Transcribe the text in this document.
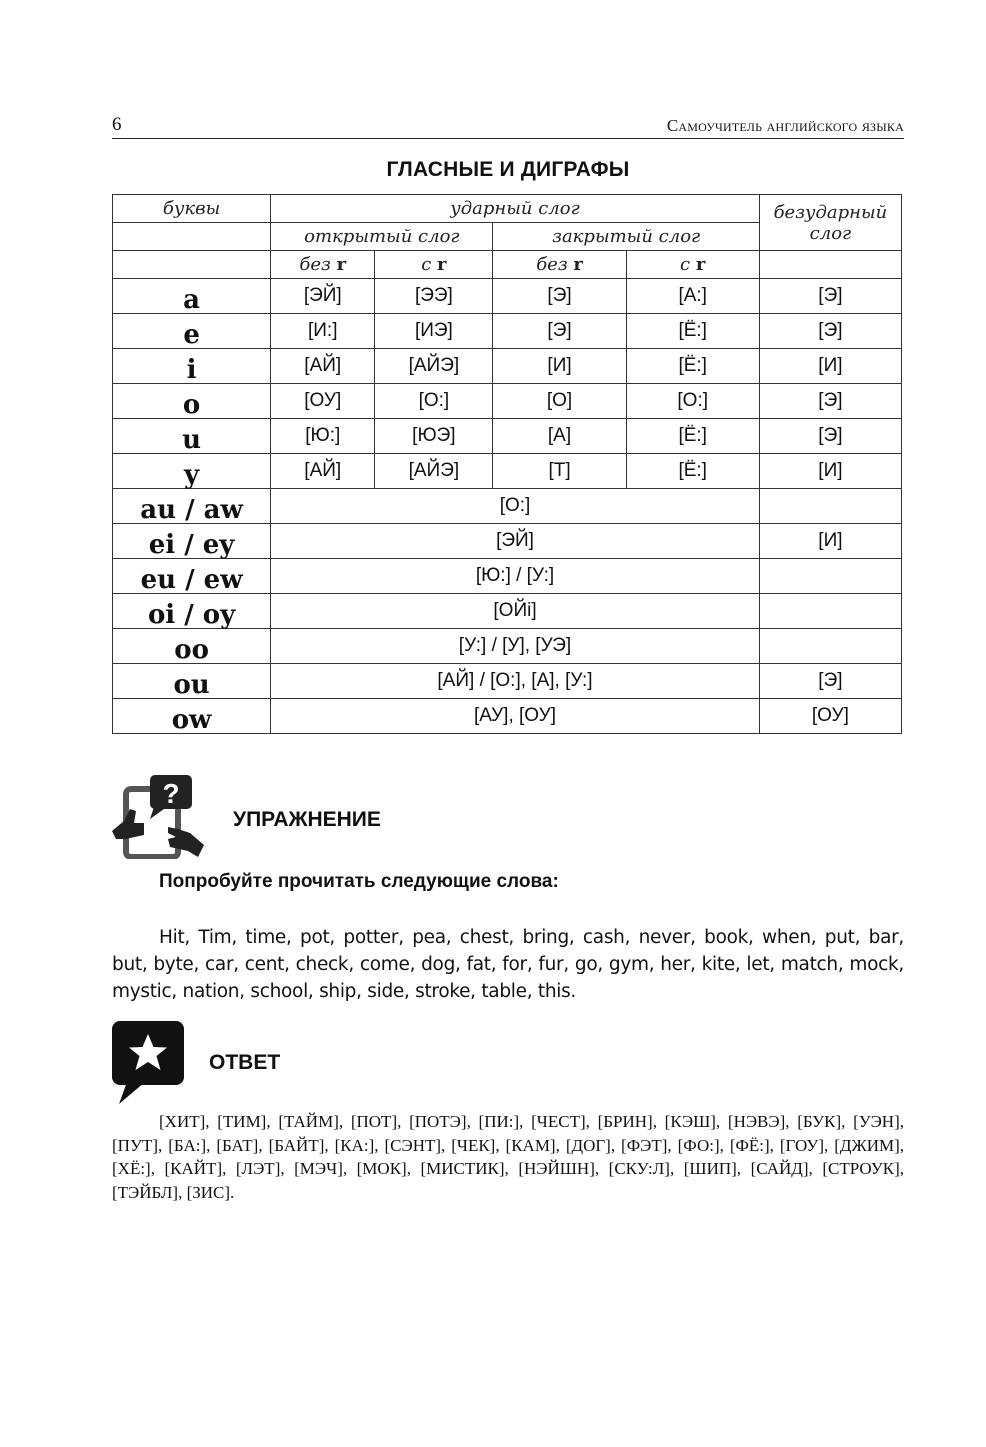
6	Самоучитель английского языка
ГЛАСНЫЕ И ДИГРАФЫ
буквы	ударный слог				безударный слог
	открытый слог		закрытый слог		
	без r	с r	без r	с r	
a	[ЭЙ]	[ЭЭ]	[Э]	[А:]	[Э]
e	[И:]	[ИЭ]	[Э]	[Ё:]	[Э]
i	[АЙ]	[АЙЭ]	[И]	[Ё:]	[И]
o	[ОУ]	[О:]	[О]	[О:]	[Э]
u	[Ю:]	[ЮЭ]	[А]	[Ё:]	[Э]
y	[АЙ]	[АЙЭ]	[Т]	[Ё:]	[И]
au / aw	[О:]				
ei / ey	[ЭЙ]				[И]
eu / ew	[Ю:] / [У:]				
oi / oy	[ОЙi]				
oo	[У:] / [У], [УЭ]				
ou	[АЙ] / [О:], [А], [У:]				[Э]
ow	[АУ], [ОУ]				[ОУ]
?
УПРАЖНЕНИЕ
Попробуйте прочитать следующие слова:
Hit, Tim, time, pot, potter, pea, chest, bring, cash, never, book, when, put, bar, but, byte, car, cent, check, come, dog, fat, for, fur, go, gym, her, kite, let, match, mock, mystic, nation, school, ship, side, stroke, table, this.
ОТВЕТ
[ХИТ], [ТИМ], [ТАЙМ], [ПОТ], [ПОТЭ], [ПИ:], [ЧЕСТ], [БРИН], [КЭШ], [НЭВЭ], [БУК], [УЭН], [ПУТ], [БА:], [БАТ], [БАЙТ], [КА:], [СЭНТ], [ЧЕК], [КАМ], [ДОГ], [ФЭТ], [ФО:], [ФЁ:], [ГОУ], [ДЖИМ], [ХЁ:], [КАЙТ], [ЛЭТ], [МЭЧ], [МОК], [МИСТИК], [НЭЙШН], [СКУ:Л], [ШИП], [САЙД], [СТРОУК], [ТЭЙБЛ], [ЗИС].
